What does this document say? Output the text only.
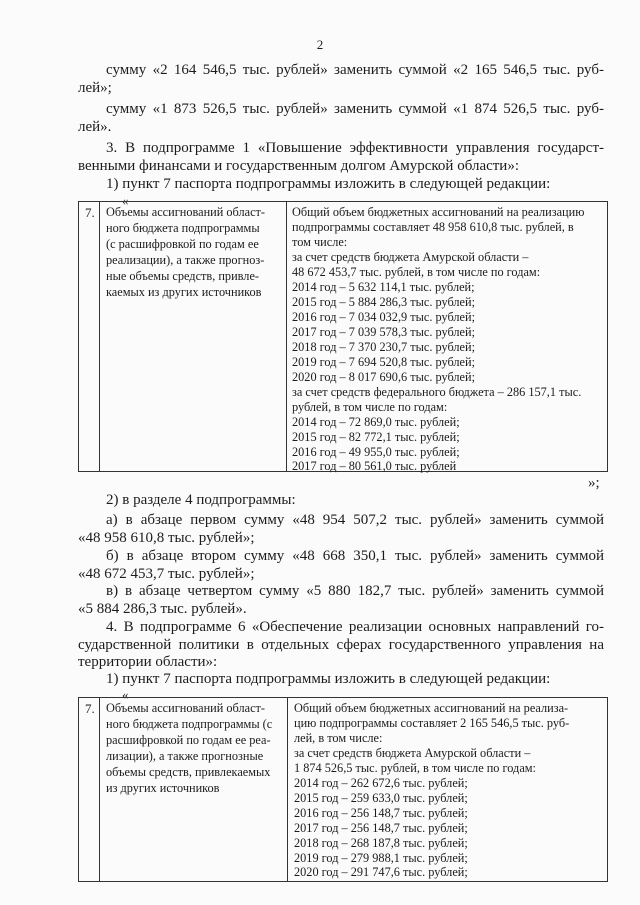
2
сумму «2 164 546,5 тыс. рублей» заменить суммой «2 165 546,5 тыс. руб-
лей»;
сумму «1 873 526,5 тыс. рублей» заменить суммой «1 874 526,5 тыс. руб-
лей».
3. В подпрограмме 1 «Повышение эффективности управления государст-
венными финансами и государственным долгом Амурской области»:
1) пункт 7 паспорта подпрограммы изложить в следующей редакции:
«
7. Объемы ассигнований област-
ного бюджета подпрограммы
(с расшифровкой по годам ее
реализации), а также прогноз-
ные объемы средств, привле-
каемых из других источников
Общий объем бюджетных ассигнований на реализацию
подпрограммы составляет 48 958 610,8 тыс. рублей, в
том числе:
за счет средств бюджета Амурской области –
48 672 453,7 тыс. рублей, в том числе по годам:
2014 год – 5 632 114,1 тыс. рублей;
2015 год – 5 884 286,3 тыс. рублей;
2016 год – 7 034 032,9 тыс. рублей;
2017 год – 7 039 578,3 тыс. рублей;
2018 год – 7 370 230,7 тыс. рублей;
2019 год – 7 694 520,8 тыс. рублей;
2020 год – 8 017 690,6 тыс. рублей;
за счет средств федерального бюджета – 286 157,1 тыс.
рублей, в том числе по годам:
2014 год – 72 869,0 тыс. рублей;
2015 год – 82 772,1 тыс. рублей;
2016 год – 49 955,0 тыс. рублей;
2017 год – 80 561,0 тыс. рублей
»;
2) в разделе 4 подпрограммы:
а) в абзаце первом сумму «48 954 507,2 тыс. рублей» заменить суммой
«48 958 610,8 тыс. рублей»;
б) в абзаце втором сумму «48 668 350,1 тыс. рублей» заменить суммой
«48 672 453,7 тыс. рублей»;
в) в абзаце четвертом сумму «5 880 182,7 тыс. рублей» заменить суммой
«5 884 286,3 тыс. рублей».
4. В подпрограмме 6 «Обеспечение реализации основных направлений го-
сударственной политики в отдельных сферах государственного управления на
территории области»:
1) пункт 7 паспорта подпрограммы изложить в следующей редакции:
«
7. Объемы ассигнований област-
ного бюджета подпрограммы (с
расшифровкой по годам ее реа-
лизации), а также прогнозные
объемы средств, привлекаемых
из других источников
Общий объем бюджетных ассигнований на реализа-
цию подпрограммы составляет 2 165 546,5 тыс. руб-
лей, в том числе:
за счет средств бюджета Амурской области –
1 874 526,5 тыс. рублей, в том числе по годам:
2014 год – 262 672,6 тыс. рублей;
2015 год – 259 633,0 тыс. рублей;
2016 год – 256 148,7 тыс. рублей;
2017 год – 256 148,7 тыс. рублей;
2018 год – 268 187,8 тыс. рублей;
2019 год – 279 988,1 тыс. рублей;
2020 год – 291 747,6 тыс. рублей;
